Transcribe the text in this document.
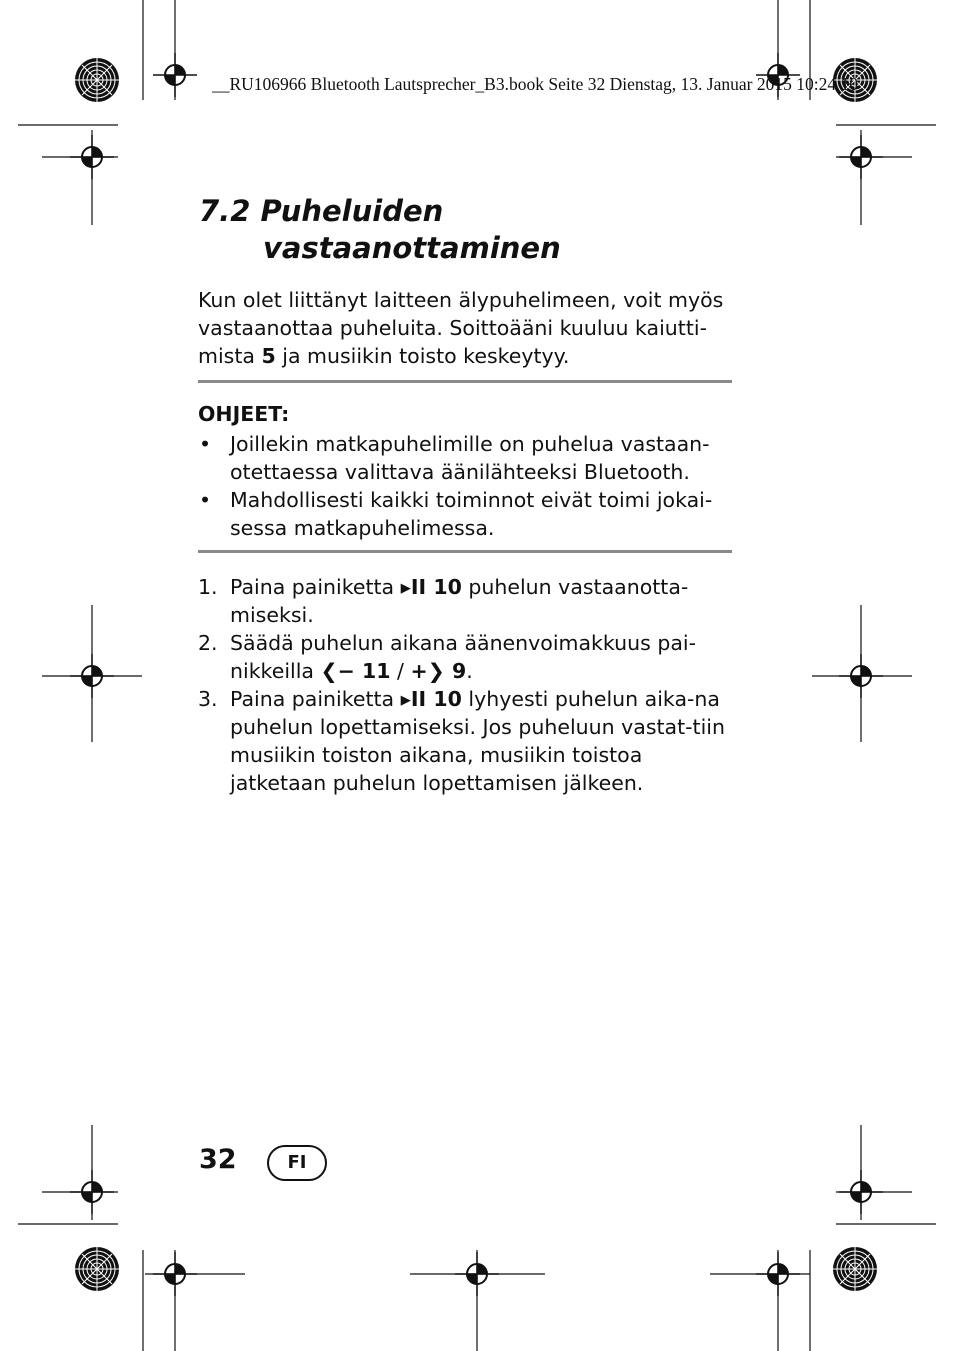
__RU106966 Bluetooth Lautsprecher_B3.book Seite 32 Dienstag, 13. Januar 2015 10:24 10
7.2 Puheluiden
vastaanottaminen
Kun olet liittänyt laitteen älypuhelimeen, voit myös vastaanottaa puheluita. Soittoääni kuuluu kaiutti-mista 5 ja musiikin toisto keskeytyy.
OHJEET:
• Joillekin matkapuhelimille on puhelua vastaan-otettaessa valittava äänilähteeksi Bluetooth.
• Mahdollisesti kaikki toiminnot eivät toimi jokai-sessa matkapuhelimessa.
1. Paina painiketta ▸II 10 puhelun vastaanotta-miseksi.
2. Säädä puhelun aikana äänenvoimakkuus pai-nikkeilla ❮− 11 / +❯ 9.
3. Paina painiketta ▸II 10 lyhyesti puhelun aika-na puhelun lopettamiseksi. Jos puheluun vastat-tiin musiikin toiston aikana, musiikin toistoa jatketaan puhelun lopettamisen jälkeen.
32	FI
